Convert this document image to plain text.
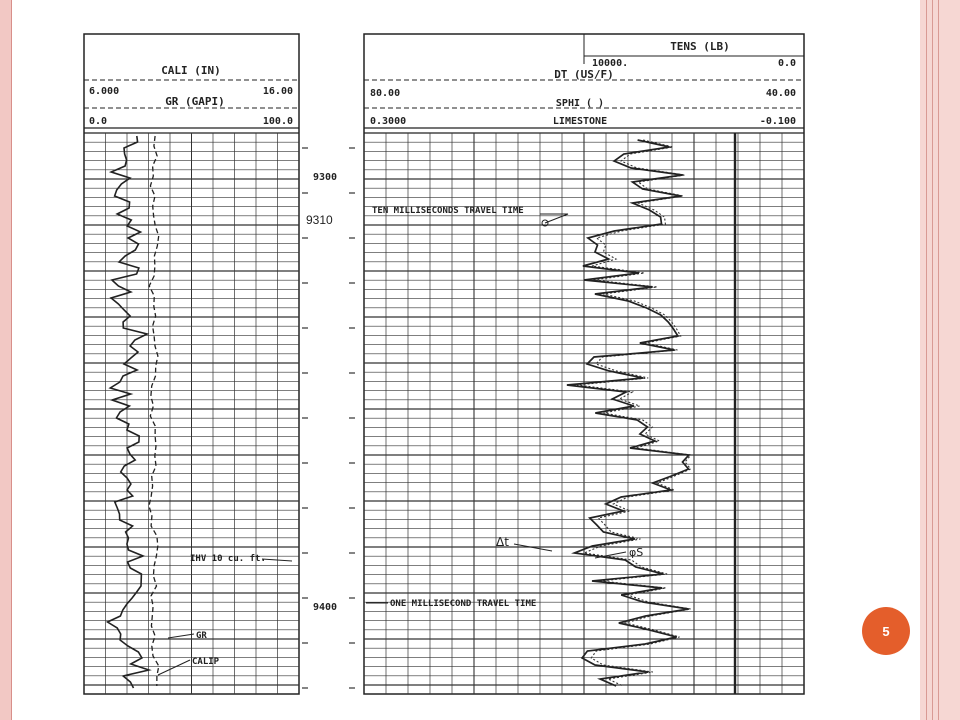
CALI (IN)
6.000	16.00
GR (GAPI)
0.0	100.0
IHV 10 cu. ft.
GR
CALIP
9300
9310
9400
TENS (LB)
10000.	0.0
DT (US/F)
80.00	40.00
SPHI ( )
0.3000	LIMESTONE	-0.100
TEN MILLISECONDS TRAVEL TIME
ONE MILLISECOND TRAVEL TIME
Δt
φS
5
